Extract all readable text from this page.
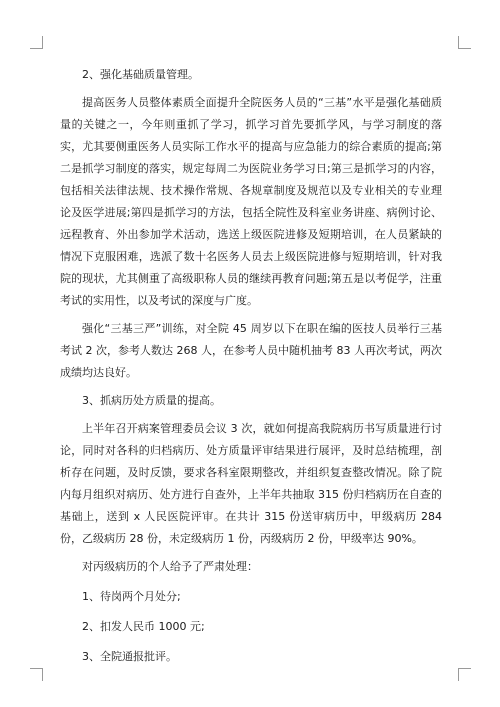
2、强化基础质量管理。

提高医务人员整体素质全面提升全院医务人员的“三基”水平是强化基础质量的关键之一，今年则重抓了学习，抓学习首先要抓学风，与学习制度的落实，尤其要侧重医务人员实际工作水平的提高与应急能力的综合素质的提高;第二是抓学习制度的落实，规定每周二为医院业务学习日;第三是抓学习的内容，包括相关法律法规、技术操作常规、各规章制度及规范以及专业相关的专业理论及医学进展;第四是抓学习的方法，包括全院性及科室业务讲座、病例讨论、远程教育、外出参加学术活动，选送上级医院进修及短期培训，在人员紧缺的情况下克服困难，选派了数十名医务人员去上级医院进修与短期培训，针对我院的现状，尤其侧重了高级职称人员的继续再教育问题;第五是以考促学，注重考试的实用性，以及考试的深度与广度。

强化“三基三严”训练，对全院 45 周岁以下在职在编的医技人员举行三基考试 2 次，参考人数达 268 人，在参考人员中随机抽考 83 人再次考试，两次成绩均达良好。

3、抓病历处方质量的提高。

上半年召开病案管理委员会议 3 次，就如何提高我院病历书写质量进行讨论，同时对各科的归档病历、处方质量评审结果进行展评，及时总结梳理，剖析存在问题，及时反馈，要求各科室限期整改，并组织复查整改情况。除了院内每月组织对病历、处方进行自查外，上半年共抽取 315 份归档病历在自查的基础上，送到 x 人民医院评审。在共计 315 份送审病历中，甲级病历 284 份，乙级病历 28 份，未定级病历 1 份，丙级病历 2 份，甲级率达 90%。

对丙级病历的个人给予了严肃处理：

1、待岗两个月处分;

2、扣发人民币 1000 元;

3、全院通报批评。
